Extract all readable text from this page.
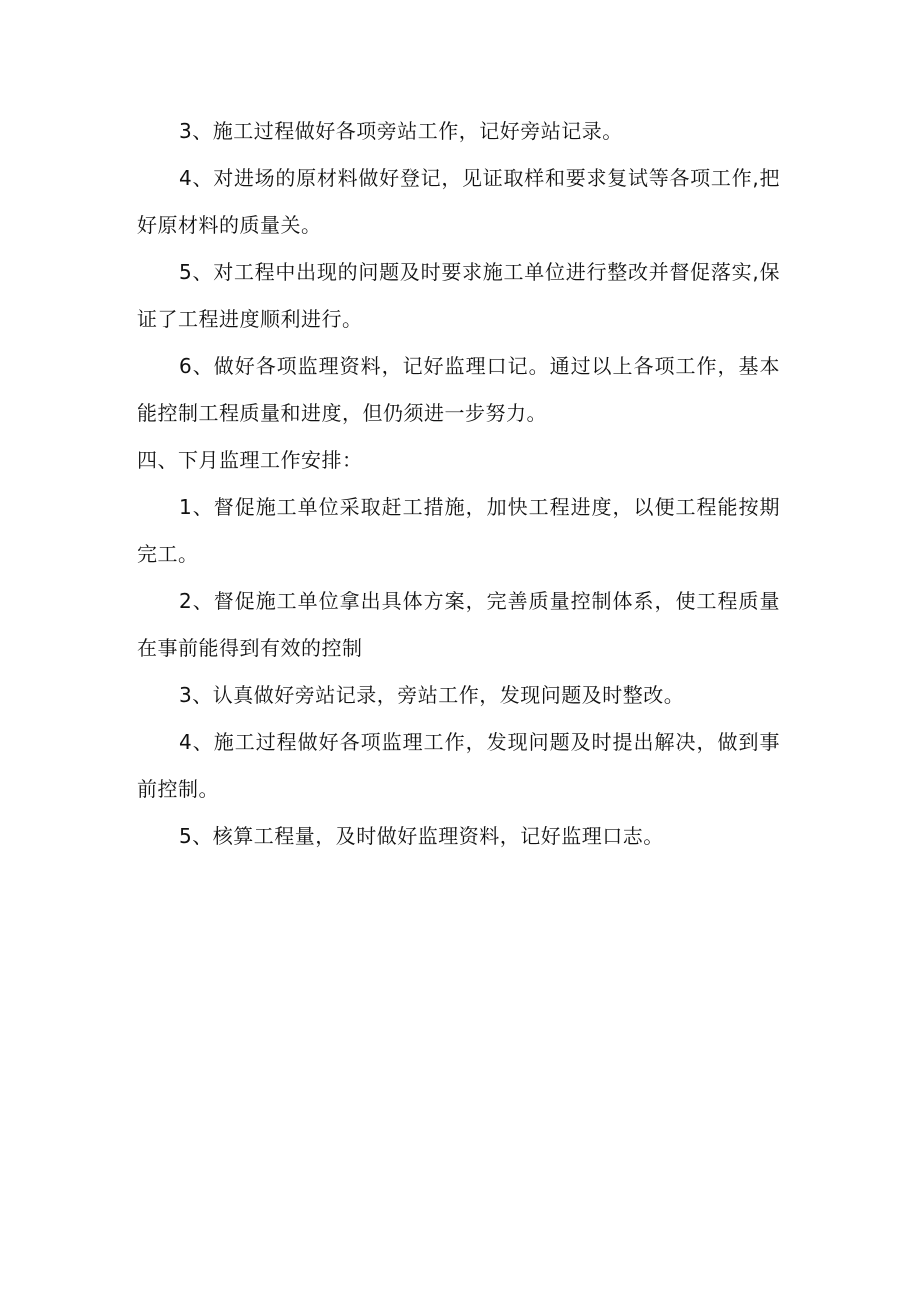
3、施工过程做好各项旁站工作，记好旁站记录。

4、对进场的原材料做好登记，见证取样和要求复试等各项工作,把好原材料的质量关。

5、对工程中出现的问题及时要求施工单位进行整改并督促落实,保证了工程进度顺利进行。

6、做好各项监理资料，记好监理口记。通过以上各项工作，基本能控制工程质量和进度，但仍须进一步努力。

四、下月监理工作安排：

1、督促施工单位采取赶工措施，加快工程进度，以便工程能按期完工。

2、督促施工单位拿出具体方案，完善质量控制体系，使工程质量在事前能得到有效的控制

3、认真做好旁站记录，旁站工作，发现问题及时整改。

4、施工过程做好各项监理工作，发现问题及时提出解决，做到事前控制。

5、核算工程量，及时做好监理资料，记好监理口志。
